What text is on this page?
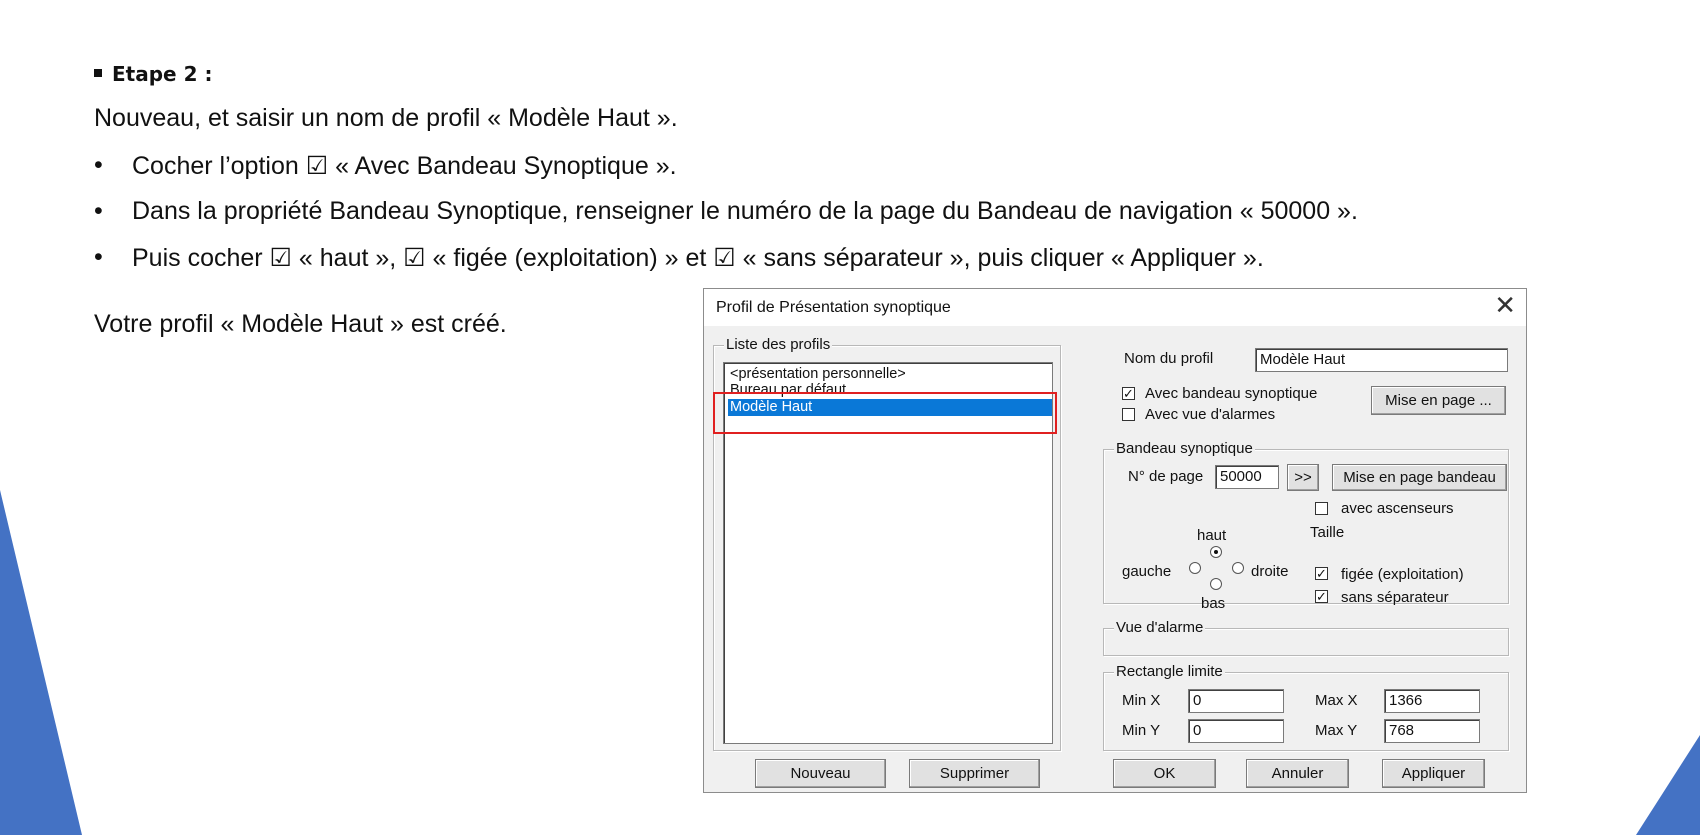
Etape 2 :
Nouveau, et saisir un nom de profil « Modèle Haut ».
• Cocher l’option ☑ « Avec Bandeau Synoptique ».
• Dans la propriété Bandeau Synoptique, renseigner le numéro de la page du Bandeau de navigation « 50000 ».
• Puis cocher ☑ « haut », ☑ « figée (exploitation) » et ☑ « sans séparateur », puis cliquer « Appliquer ».
Votre profil « Modèle Haut » est créé.
Profil de Présentation synoptique	✕
Liste des profils
<présentation personnelle>
Bureau par défaut
Modèle Haut
Nom du profil	Modèle Haut
✓ Avec bandeau synoptique
Avec vue d'alarmes
Mise en page ...
Bandeau synoptique
N° de page	50000	>>	Mise en page bandeau
avec ascenseurs
Taille
haut
gauche	droite
bas
✓ figée (exploitation)
✓ sans séparateur
Vue d'alarme
Rectangle limite
Min X	0	Max X	1366
Min Y	0	Max Y	768
Nouveau	Supprimer	OK	Annuler	Appliquer
